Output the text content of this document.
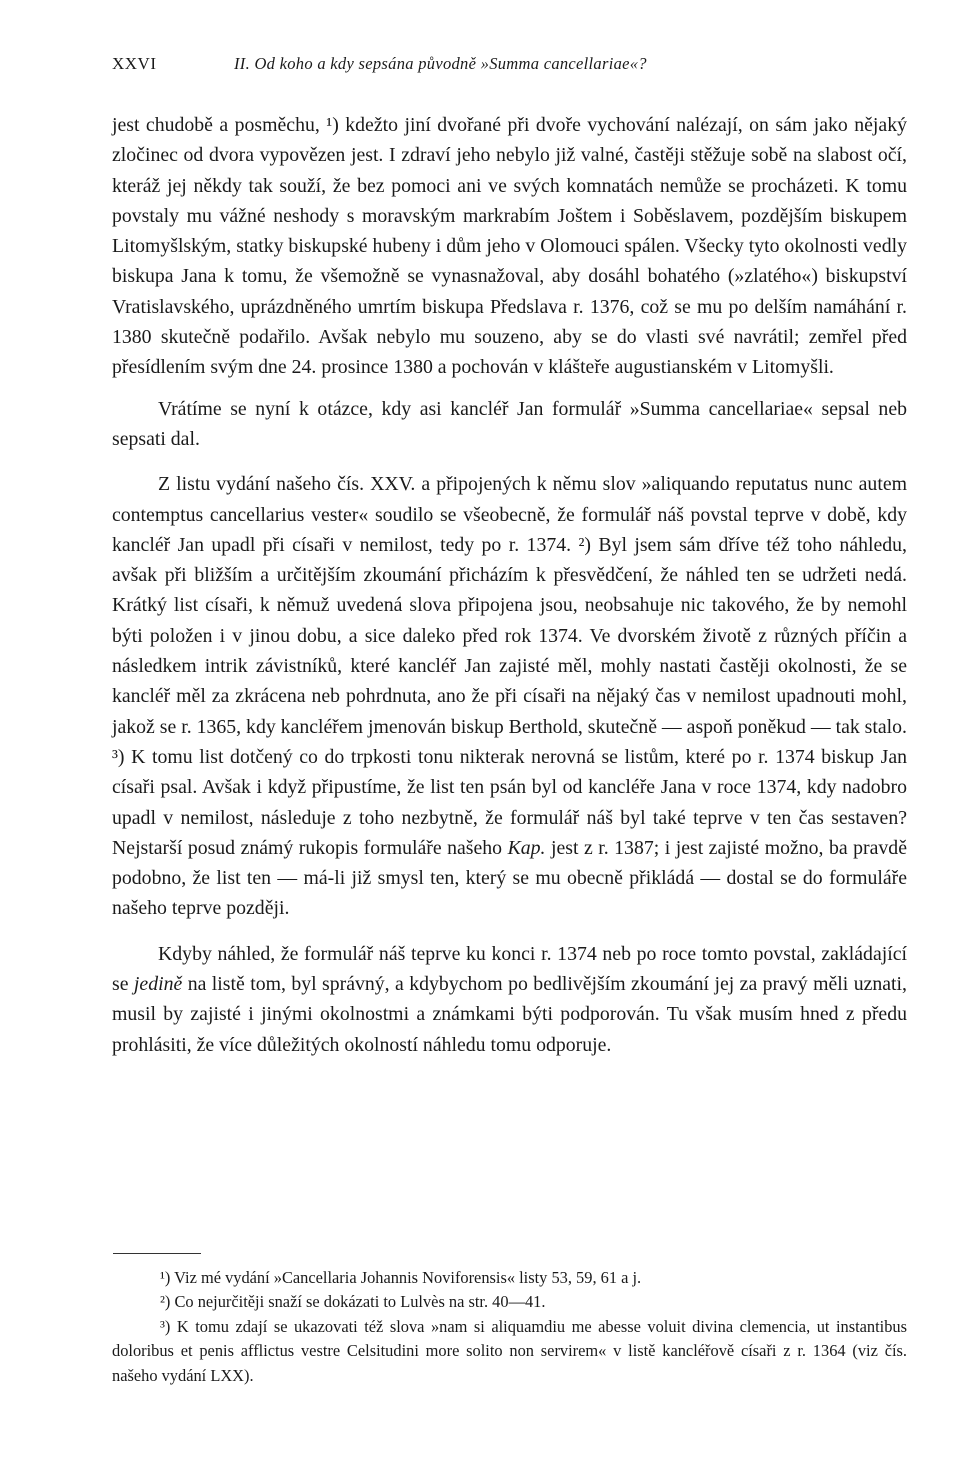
XXVI	II. Od koho a kdy sepsána původně »Summa cancellariae«?

jest chudobě a posměchu, ¹) kdežto jiní dvořané při dvoře vychování nalézají, on sám jako nějaký zločinec od dvora vypovězen jest. I zdraví jeho nebylo již valné, častěji stěžuje sobě na slabost očí, kteráž jej někdy tak souží, že bez pomoci ani ve svých komnatách nemůže se procházeti. K tomu povstaly mu vážné neshody s moravským markrabím Joštem i Soběslavem, pozdějším biskupem Litomyšlským, statky biskupské hubeny i dům jeho v Olomouci spálen. Všecky tyto okolnosti vedly biskupa Jana k tomu, že všemožně se vynasnažoval, aby dosáhl bohatého (»zlatého«) biskupství Vratislavského, uprázdněného umrtím biskupa Předslava r. 1376, což se mu po delším namáhání r. 1380 skutečně podařilo. Avšak nebylo mu souzeno, aby se do vlasti své navrátil; zemřel před přesídlením svým dne 24. prosince 1380 a pochován v klášteře augustianském v Litomyšli.

Vrátíme se nyní k otázce, kdy asi kancléř Jan formulář »Summa cancellariae« sepsal neb sepsati dal.

Z listu vydání našeho čís. XXV. a připojených k němu slov »aliquando reputatus nunc autem contemptus cancellarius vester« soudilo se všeobecně, že formulář náš povstal teprve v době, kdy kancléř Jan upadl při císaři v nemilost, tedy po r. 1374. ²) Byl jsem sám dříve též toho náhledu, avšak při bližším a určitějším zkoumání přicházím k přesvědčení, že náhled ten se udržeti nedá. Krátký list císaři, k němuž uvedená slova připojena jsou, neobsahuje nic takového, že by nemohl býti položen i v jinou dobu, a sice daleko před rok 1374. Ve dvorském životě z různých příčin a následkem intrik závistníků, které kancléř Jan zajisté měl, mohly nastati častěji okolnosti, že se kancléř měl za zkrácena neb pohrdnuta, ano že při císaři na nějaký čas v nemilost upadnouti mohl, jakož se r. 1365, kdy kancléřem jmenován biskup Berthold, skutečně — aspoň poněkud — tak stalo. ³) K tomu list dotčený co do trpkosti tonu nikterak nerovná se listům, které po r. 1374 biskup Jan císaři psal. Avšak i když připustíme, že list ten psán byl od kancléře Jana v roce 1374, kdy nadobro upadl v nemilost, následuje z toho nezbytně, že formulář náš byl také teprve v ten čas sestaven? Nejstarší posud známý rukopis formuláře našeho Kap. jest z r. 1387; i jest zajisté možno, ba pravdě podobno, že list ten — má-li již smysl ten, který se mu obecně přikládá — dostal se do formuláře našeho teprve později.

Kdyby náhled, že formulář náš teprve ku konci r. 1374 neb po roce tomto povstal, zakládající se jedině na listě tom, byl správný, a kdybychom po bedlivějším zkoumání jej za pravý měli uznati, musil by zajisté i jinými okolnostmi a známkami býti podporován. Tu však musím hned z předu prohlásiti, že více důležitých okolností náhledu tomu odporuje.

¹) Viz mé vydání »Cancellaria Johannis Noviforensis« listy 53, 59, 61 a j.

²) Co nejurčitěji snaží se dokázati to Lulvès na str. 40—41.

³) K tomu zdají se ukazovati též slova »nam si aliquamdiu me abesse voluit divina clemencia, ut instantibus doloribus et penis afflictus vestre Celsitudini more solito non servirem« v listě kancléřově císaři z r. 1364 (viz čís. našeho vydání LXX).
